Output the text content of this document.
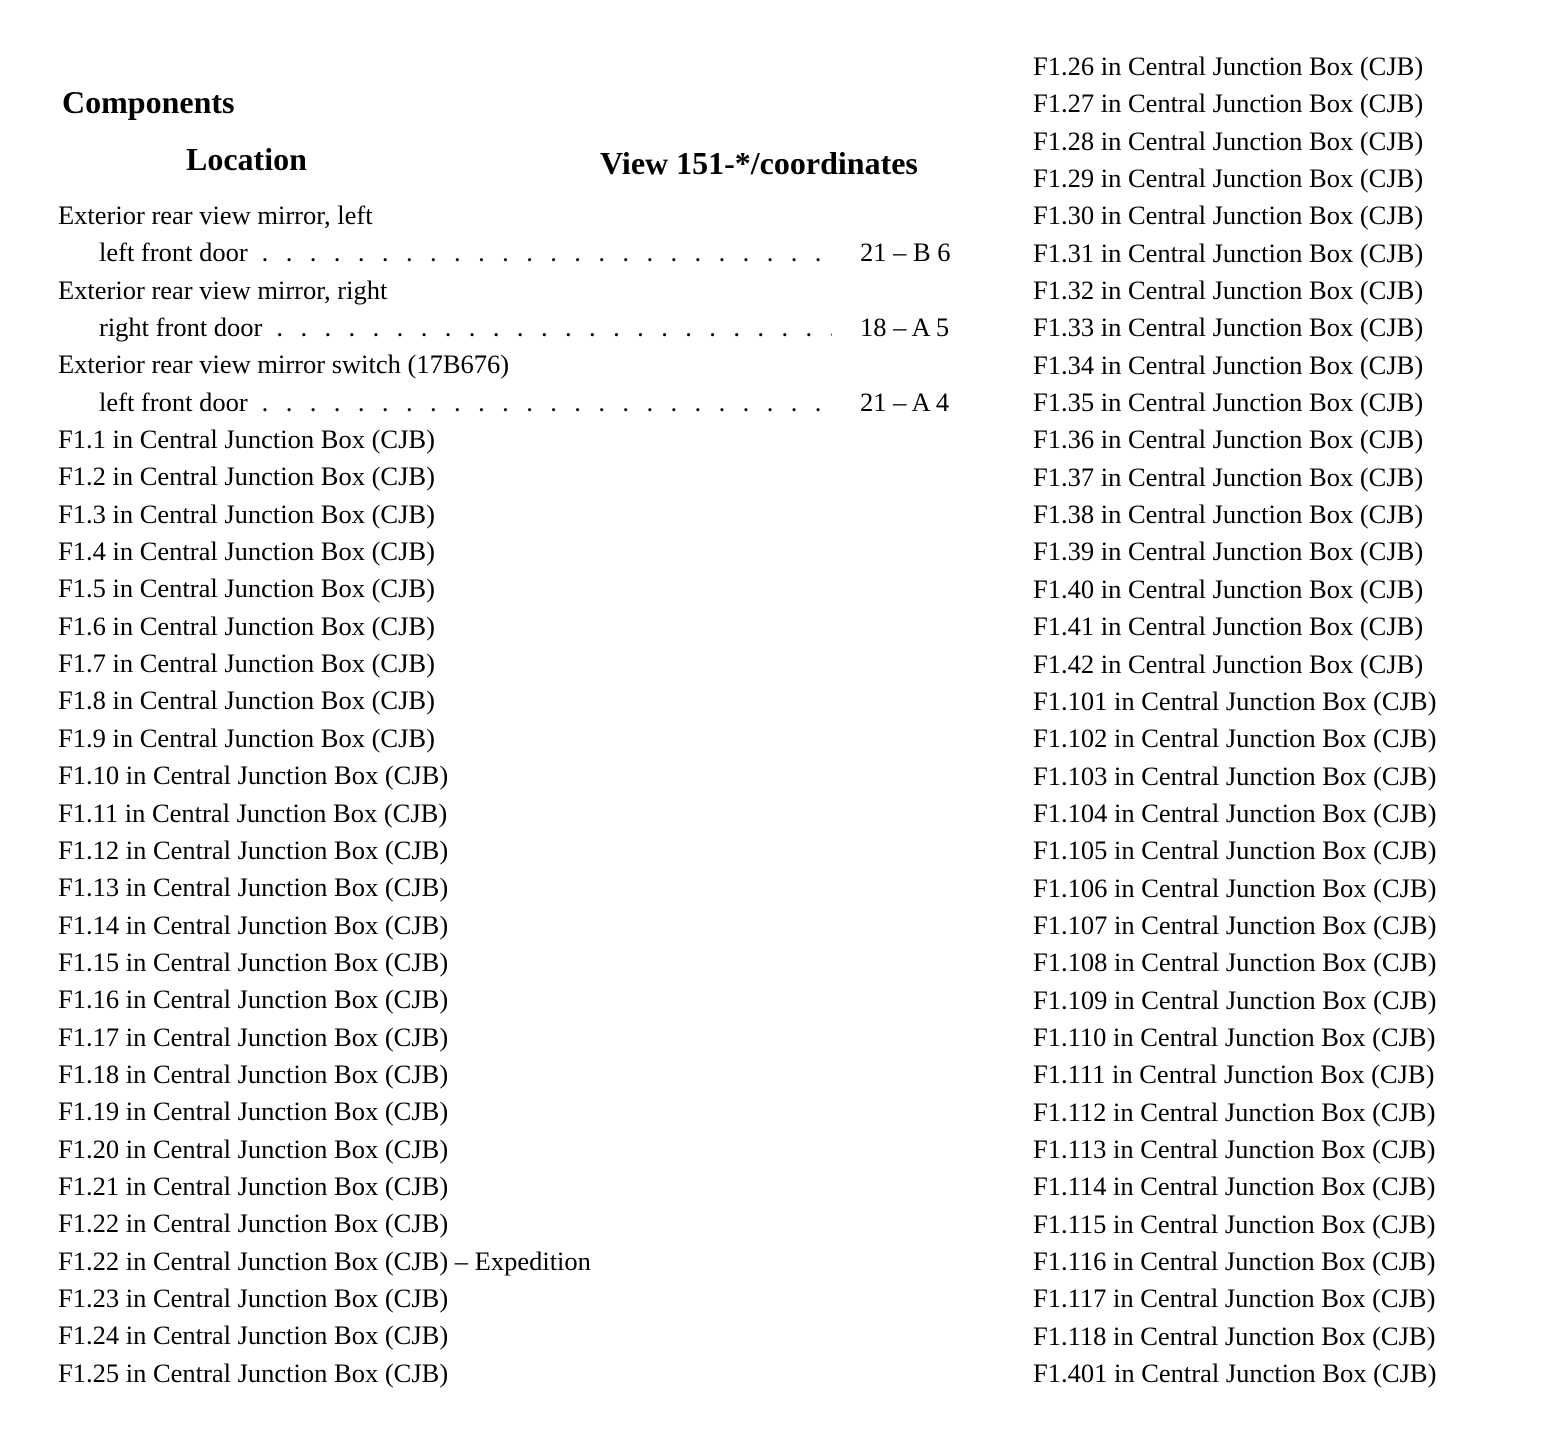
Components
Location	View 151-*/coordinates
Exterior rear view mirror, left
left front door . . .	21 – B 6
Exterior rear view mirror, right
right front door . . .	18 – A 5
Exterior rear view mirror switch (17B676)
left front door . . .	21 – A 4
F1.1 in Central Junction Box (CJB)
F1.2 in Central Junction Box (CJB)
F1.3 in Central Junction Box (CJB)
F1.4 in Central Junction Box (CJB)
F1.5 in Central Junction Box (CJB)
F1.6 in Central Junction Box (CJB)
F1.7 in Central Junction Box (CJB)
F1.8 in Central Junction Box (CJB)
F1.9 in Central Junction Box (CJB)
F1.10 in Central Junction Box (CJB)
F1.11 in Central Junction Box (CJB)
F1.12 in Central Junction Box (CJB)
F1.13 in Central Junction Box (CJB)
F1.14 in Central Junction Box (CJB)
F1.15 in Central Junction Box (CJB)
F1.16 in Central Junction Box (CJB)
F1.17 in Central Junction Box (CJB)
F1.18 in Central Junction Box (CJB)
F1.19 in Central Junction Box (CJB)
F1.20 in Central Junction Box (CJB)
F1.21 in Central Junction Box (CJB)
F1.22 in Central Junction Box (CJB)
F1.22 in Central Junction Box (CJB) – Expedition
F1.23 in Central Junction Box (CJB)
F1.24 in Central Junction Box (CJB)
F1.25 in Central Junction Box (CJB)
F1.26 in Central Junction Box (CJB)
F1.27 in Central Junction Box (CJB)
F1.28 in Central Junction Box (CJB)
F1.29 in Central Junction Box (CJB)
F1.30 in Central Junction Box (CJB)
F1.31 in Central Junction Box (CJB)
F1.32 in Central Junction Box (CJB)
F1.33 in Central Junction Box (CJB)
F1.34 in Central Junction Box (CJB)
F1.35 in Central Junction Box (CJB)
F1.36 in Central Junction Box (CJB)
F1.37 in Central Junction Box (CJB)
F1.38 in Central Junction Box (CJB)
F1.39 in Central Junction Box (CJB)
F1.40 in Central Junction Box (CJB)
F1.41 in Central Junction Box (CJB)
F1.42 in Central Junction Box (CJB)
F1.101 in Central Junction Box (CJB)
F1.102 in Central Junction Box (CJB)
F1.103 in Central Junction Box (CJB)
F1.104 in Central Junction Box (CJB)
F1.105 in Central Junction Box (CJB)
F1.106 in Central Junction Box (CJB)
F1.107 in Central Junction Box (CJB)
F1.108 in Central Junction Box (CJB)
F1.109 in Central Junction Box (CJB)
F1.110 in Central Junction Box (CJB)
F1.111 in Central Junction Box (CJB)
F1.112 in Central Junction Box (CJB)
F1.113 in Central Junction Box (CJB)
F1.114 in Central Junction Box (CJB)
F1.115 in Central Junction Box (CJB)
F1.116 in Central Junction Box (CJB)
F1.117 in Central Junction Box (CJB)
F1.118 in Central Junction Box (CJB)
F1.401 in Central Junction Box (CJB)
